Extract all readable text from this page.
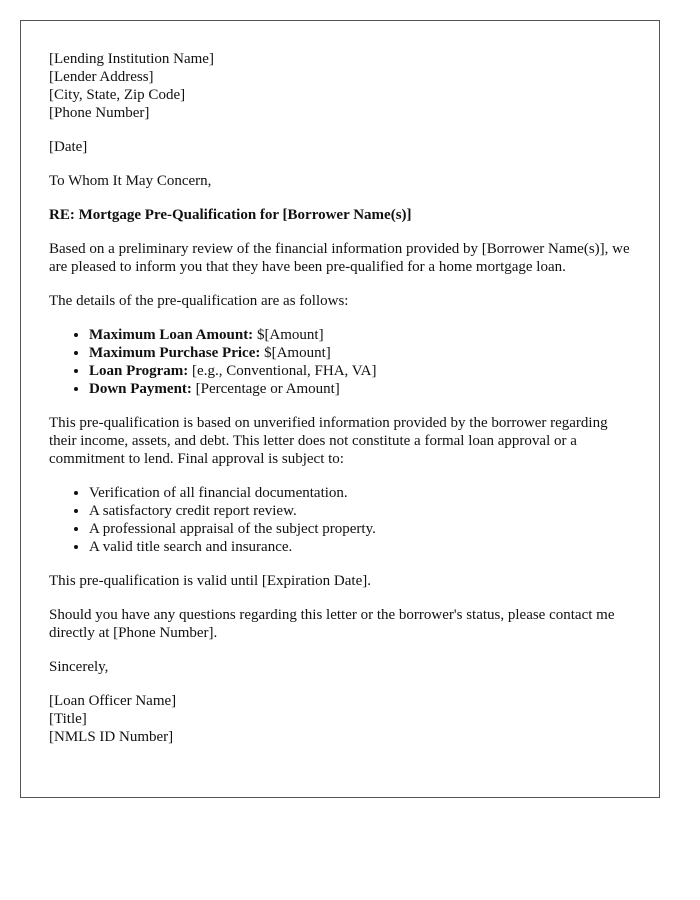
[Lending Institution Name]
[Lender Address]
[City, State, Zip Code]
[Phone Number]

[Date]

To Whom It May Concern,

RE: Mortgage Pre-Qualification for [Borrower Name(s)]

Based on a preliminary review of the financial information provided by [Borrower Name(s)], we are pleased to inform you that they have been pre-qualified for a home mortgage loan.

The details of the pre-qualification are as follows:

• Maximum Loan Amount: $[Amount]
• Maximum Purchase Price: $[Amount]
• Loan Program: [e.g., Conventional, FHA, VA]
• Down Payment: [Percentage or Amount]

This pre-qualification is based on unverified information provided by the borrower regarding their income, assets, and debt. This letter does not constitute a formal loan approval or a commitment to lend. Final approval is subject to:

• Verification of all financial documentation.
• A satisfactory credit report review.
• A professional appraisal of the subject property.
• A valid title search and insurance.

This pre-qualification is valid until [Expiration Date].

Should you have any questions regarding this letter or the borrower's status, please contact me directly at [Phone Number].

Sincerely,

[Loan Officer Name]
[Title]
[NMLS ID Number]
